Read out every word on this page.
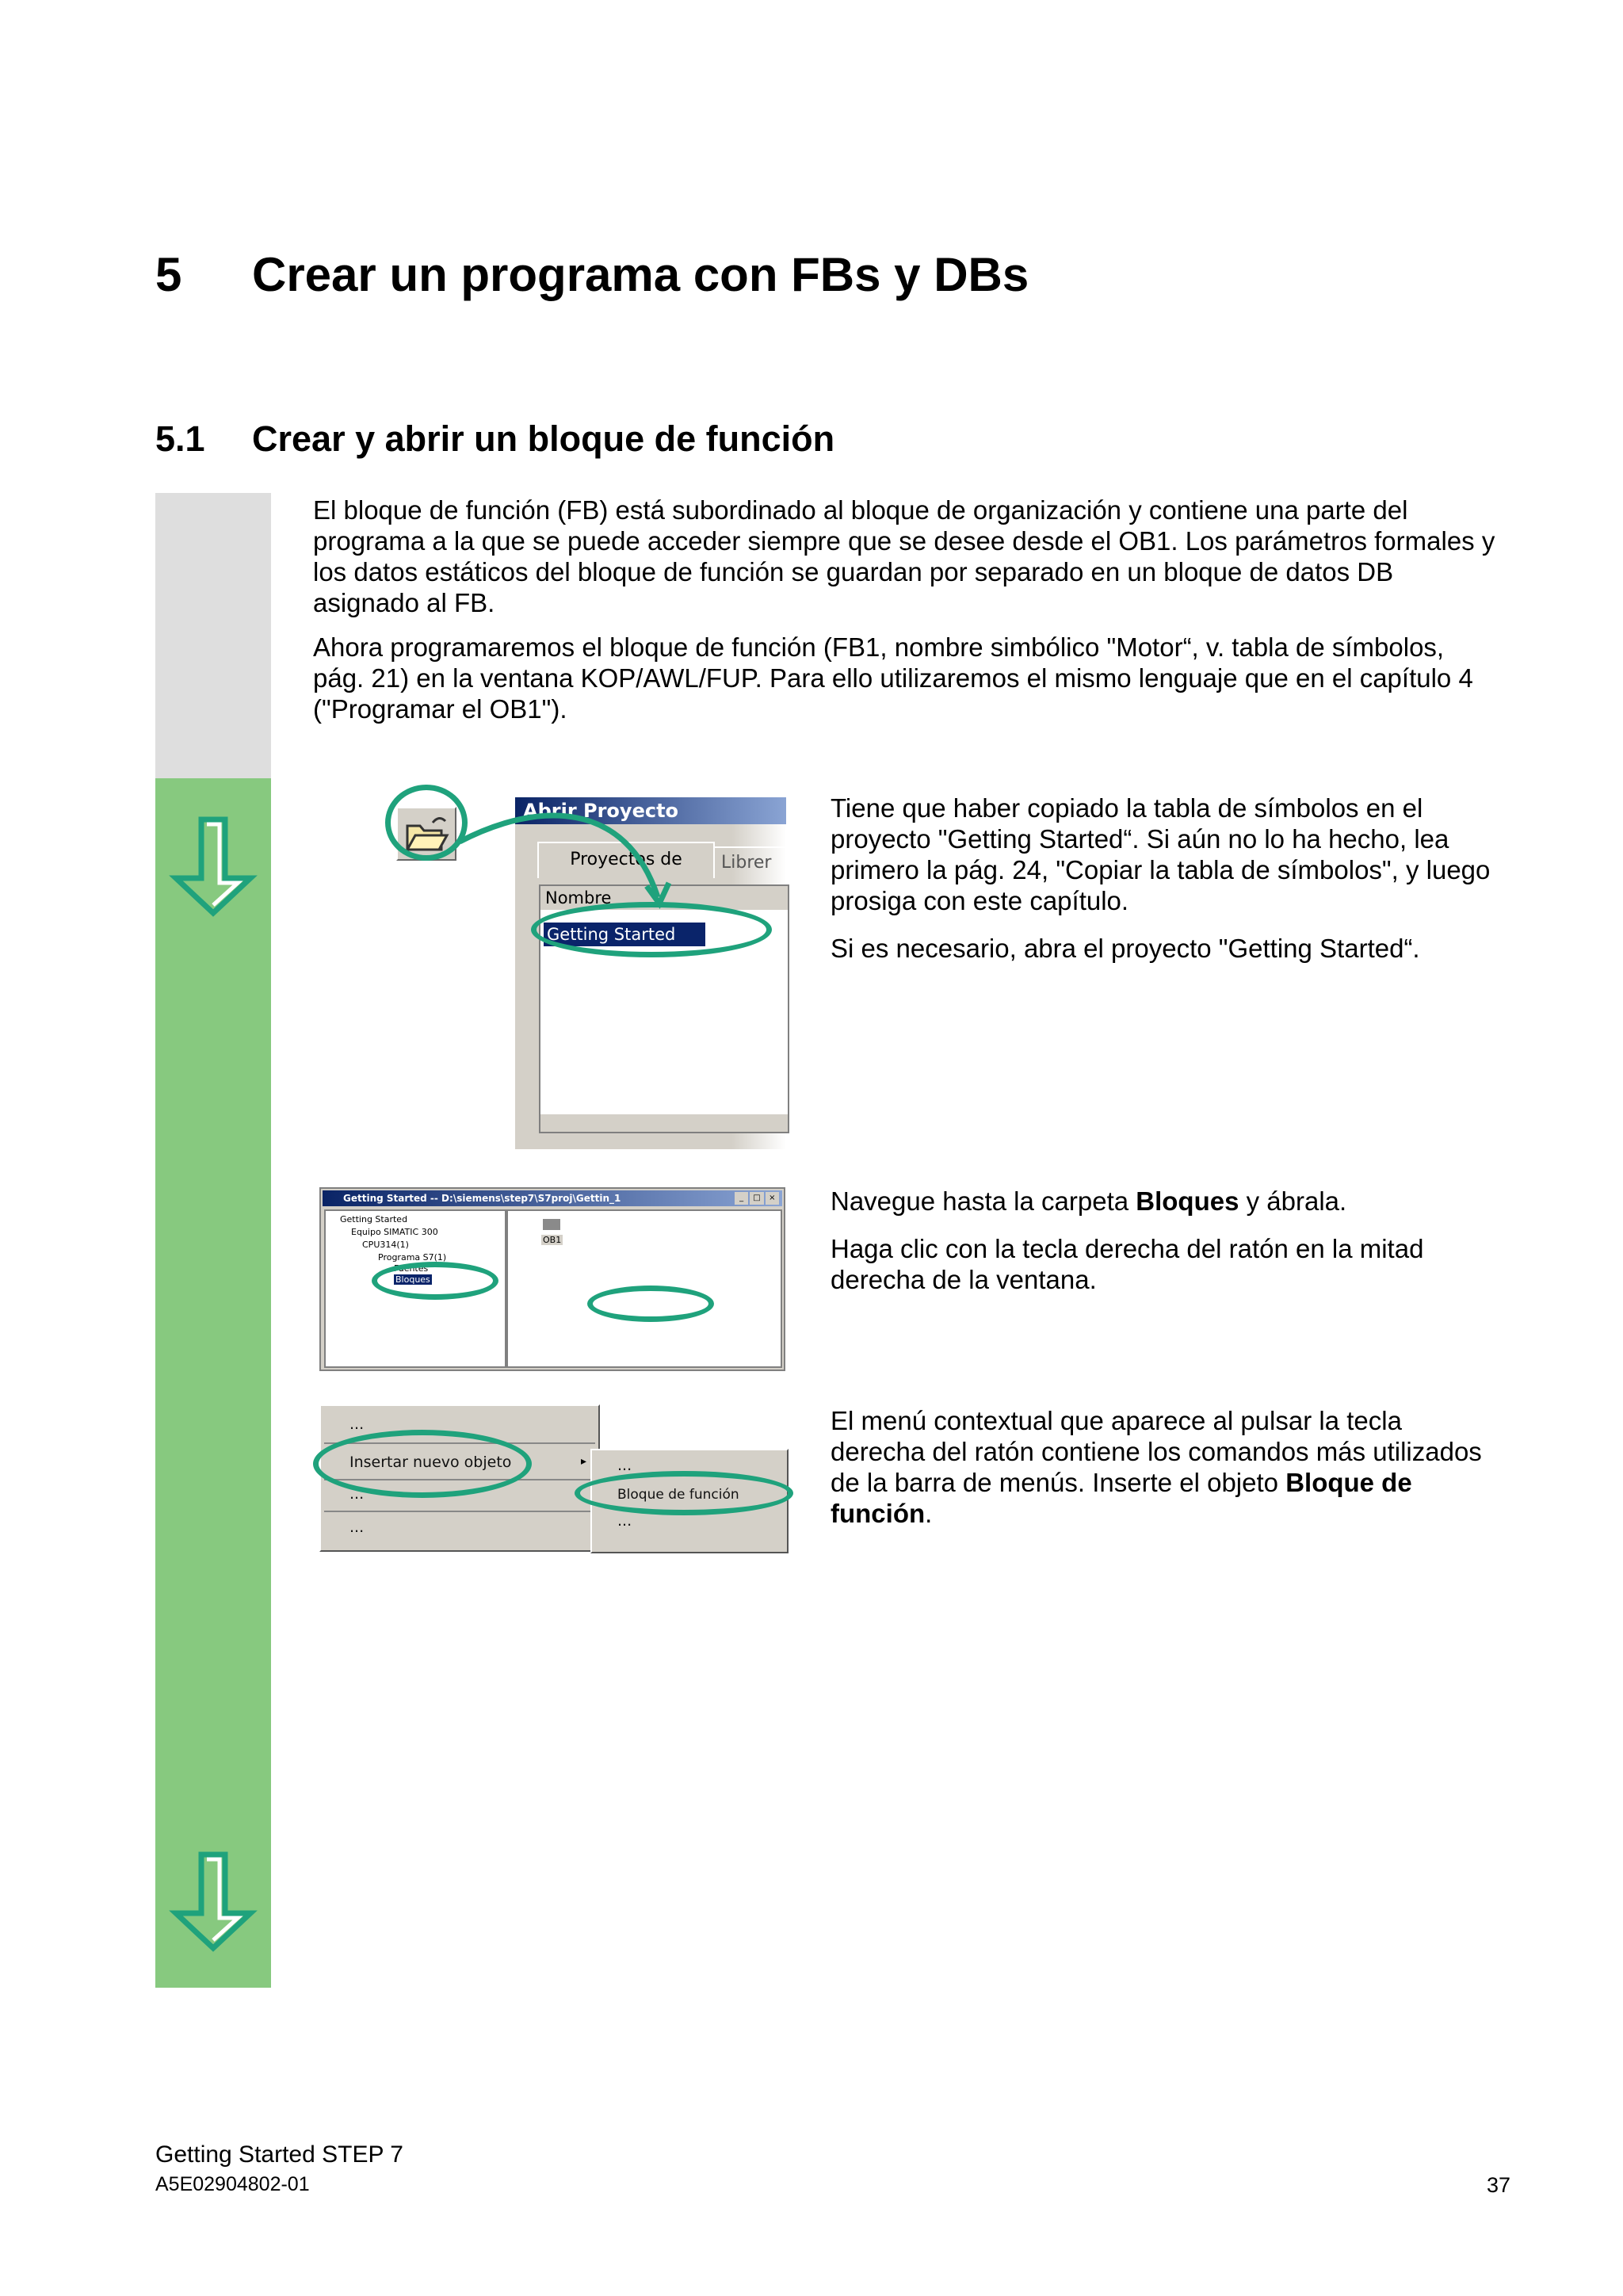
5 Crear un programa con FBs y DBs
5.1 Crear y abrir un bloque de función

El bloque de función (FB) está subordinado al bloque de organización y contiene una parte del programa a la que se puede acceder siempre que se desee desde el OB1. Los parámetros formales y los datos estáticos del bloque de función se guardan por separado en un bloque de datos DB asignado al FB.

Ahora programaremos el bloque de función (FB1, nombre simbólico "Motor“, v. tabla de símbolos, pág. 21) en la ventana KOP/AWL/FUP. Para ello utilizaremos el mismo lenguaje que en el capítulo 4 ("Programar el OB1").

Abrir Proyecto
Proyectos de	Librer
Nombre
Getting Started

Tiene que haber copiado la tabla de símbolos en el proyecto "Getting Started“. Si aún no lo ha hecho, lea primero la pág. 24, "Copiar la tabla de símbolos", y luego prosiga con este capítulo.

Si es necesario, abra el proyecto "Getting Started“.

Getting Started -- D:\siemens\step7\S7proj\Gettin_1	_	□	×
Getting Started
Equipo SIMATIC 300
CPU314(1)
Programa S7(1)
Fuentes
Bloques
OB1

Navegue hasta la carpeta Bloques y ábrala.

Haga clic con la tecla derecha del ratón en la mitad derecha de la ventana.

...
Insertar nuevo objeto	▸
...
...
...
Bloque de función
...

El menú contextual que aparece al pulsar la tecla derecha del ratón contiene los comandos más utilizados de la barra de menús. Inserte el objeto Bloque de función.

Getting Started STEP 7
A5E02904802-01	37
